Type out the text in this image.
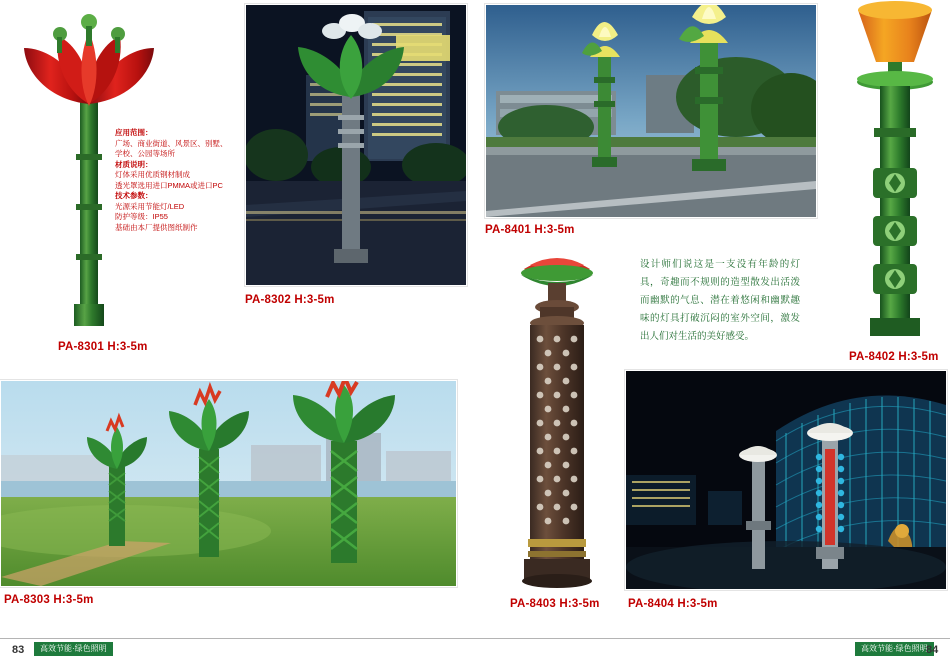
PA-8301 H:3-5m
应用范围：
广场、商业街道、风景区、别墅、
学校、公园等场所
材质说明：
灯体采用优质钢材制成
透光罩选用进口PMMA或进口PC
技术参数：
光源采用节能灯/LED
防护等级：IP55
基础由本厂提供图纸制作
PA-8302 H:3-5m
PA-8303 H:3-5m
PA-8401 H:3-5m
PA-8402 H:3-5m
设计师们说这是一支没有年龄的灯具，奇趣而不规则的造型散发出活泼而幽默的气息、潜在着悠闲和幽默趣味的灯具打破沉闷的室外空间，激发出人们对生活的美好感受。
PA-8403 H:3-5m PA-8404 H:3-5m
83	高效节能·绿色照明	高效节能·绿色照明
84
